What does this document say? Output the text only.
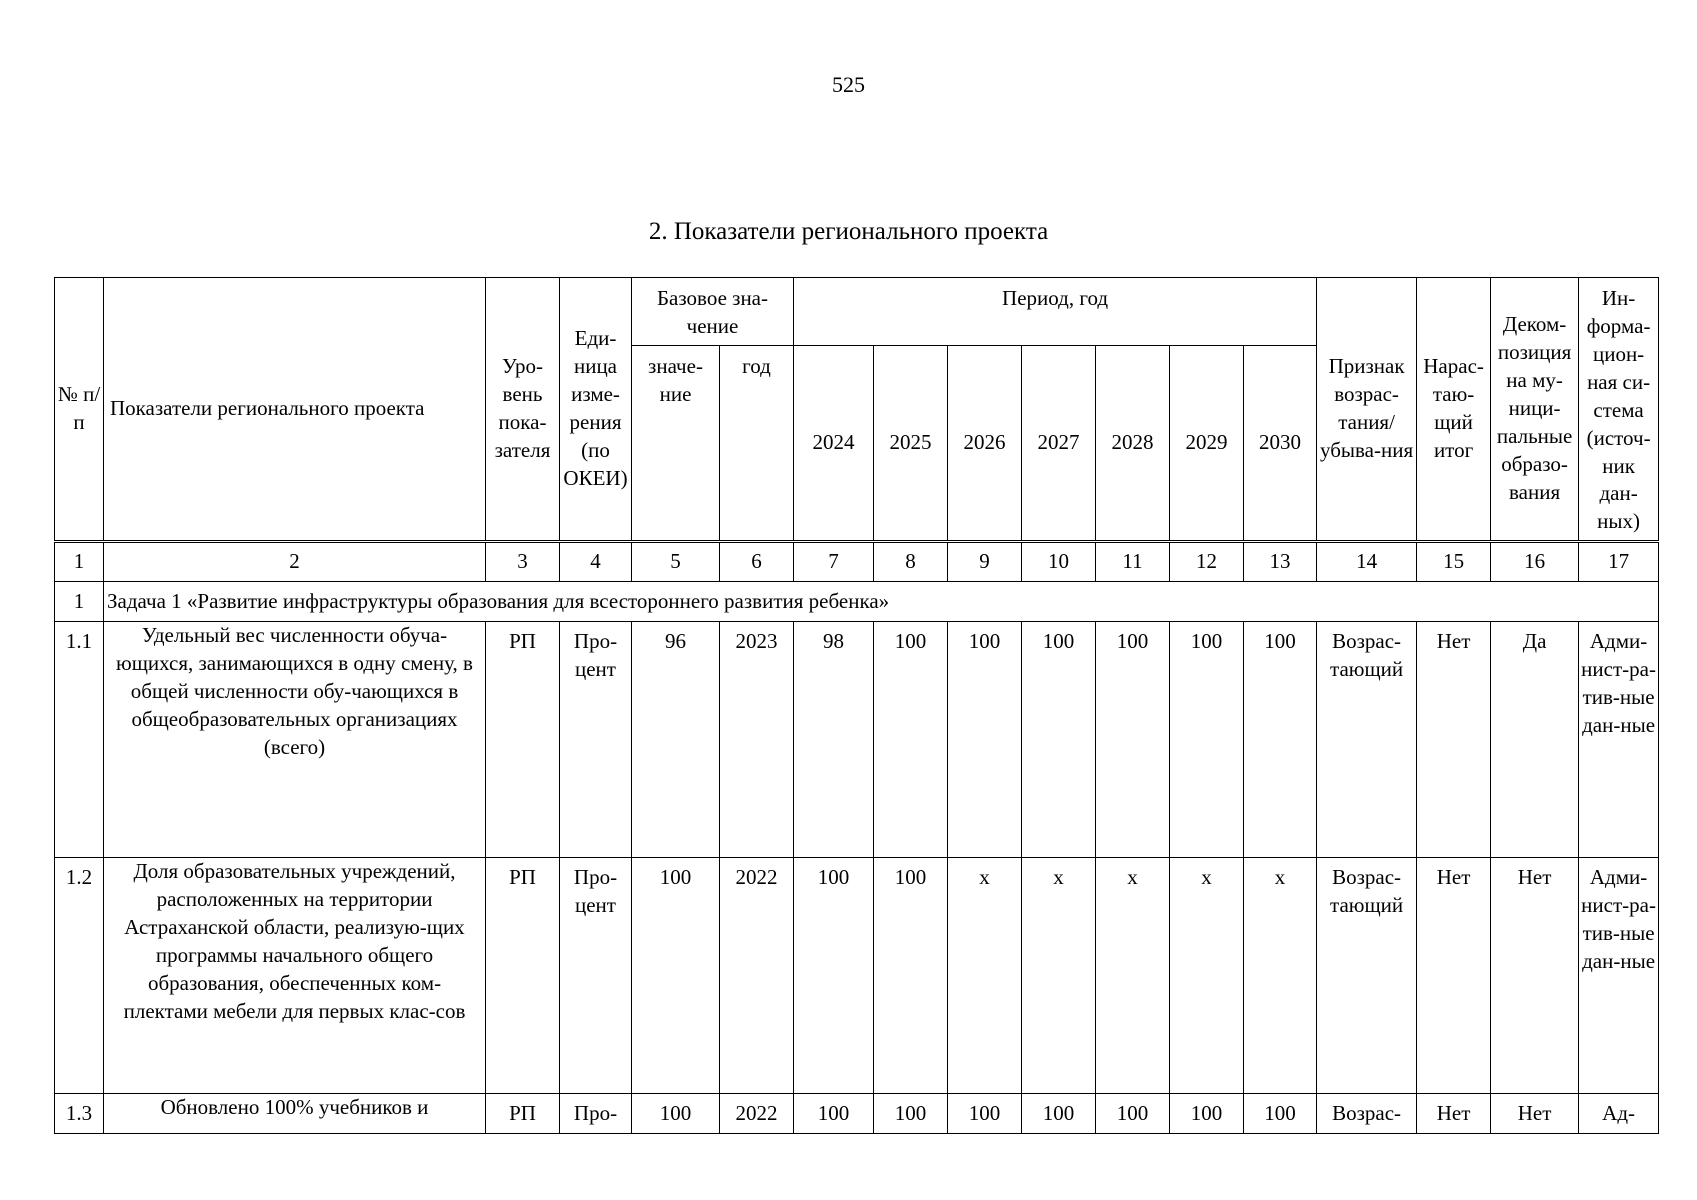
525
2. Показатели регионального проекта
№ п/п	Показатели регионального проекта	Уро-вень пока-зателя	Еди-ница изме-рения (по ОКЕИ)	Базовое зна-чение		Период, год							Признак возрас-тания/ убыва-ния	Нарас-таю-щий итог	Деком-позиция на му-ници-пальные образо-вания	Ин-форма-цион-ная си-стема (источ-ник дан-ных)
				значе-ние	год	2024	2025	2026	2027	2028	2029	2030				
1	2	3	4	5	6	7	8	9	10	11	12	13	14	15	16	17
1	Задача 1 «Развитие инфраструктуры образования для всестороннего развития ребенка»															
1.1	Удельный вес численности обуча-ющихся, занимающихся в одну смену, в общей численности обу-чающихся в общеобразовательных организациях (всего)	РП	Про-цент	96	2023	98	100	100	100	100	100	100	Возрас-тающий	Нет	Да	Адми-нист-ра-тив-ные дан-ные
1.2	Доля образовательных учреждений, расположенных на территории Астраханской области, реализую-щих программы начального общего образования, обеспеченных ком-плектами мебели для первых клас-сов	РП	Про-цент	100	2022	100	100	х	х	х	х	х	Возрас-тающий	Нет	Нет	Адми-нист-ра-тив-ные дан-ные
1.3	Обновлено 100% учебников и	РП	Про-	100	2022	100	100	100	100	100	100	100	Возрас-	Нет	Нет	Ад-
